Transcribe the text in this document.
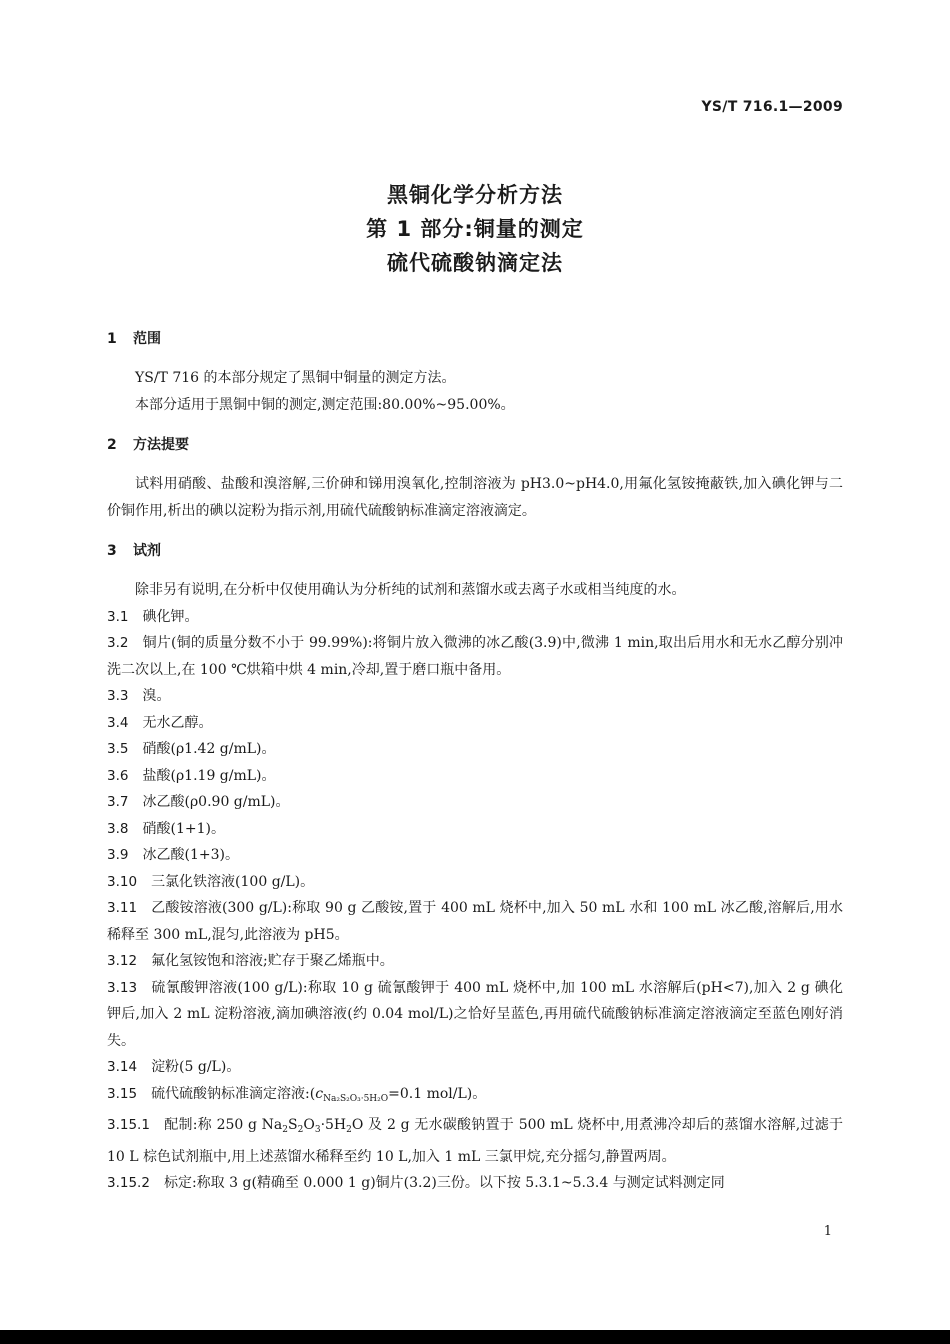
YS/T 716.1—2009
黑铜化学分析方法
第 1 部分:铜量的测定
硫代硫酸钠滴定法
1 范围
YS/T 716 的本部分规定了黑铜中铜量的测定方法。
本部分适用于黑铜中铜的测定,测定范围:80.00%~95.00%。
2 方法提要
试料用硝酸、盐酸和溴溶解,三价砷和锑用溴氧化,控制溶液为 pH3.0~pH4.0,用氟化氢铵掩蔽铁,加入碘化钾与二价铜作用,析出的碘以淀粉为指示剂,用硫代硫酸钠标准滴定溶液滴定。
3 试剂
除非另有说明,在分析中仅使用确认为分析纯的试剂和蒸馏水或去离子水或相当纯度的水。
3.1 碘化钾。
3.2 铜片(铜的质量分数不小于 99.99%):将铜片放入微沸的冰乙酸(3.9)中,微沸 1 min,取出后用水和无水乙醇分别冲洗二次以上,在 100 ℃烘箱中烘 4 min,冷却,置于磨口瓶中备用。
3.3 溴。
3.4 无水乙醇。
3.5 硝酸(ρ1.42 g/mL)。
3.6 盐酸(ρ1.19 g/mL)。
3.7 冰乙酸(ρ0.90 g/mL)。
3.8 硝酸(1+1)。
3.9 冰乙酸(1+3)。
3.10 三氯化铁溶液(100 g/L)。
3.11 乙酸铵溶液(300 g/L):称取 90 g 乙酸铵,置于 400 mL 烧杯中,加入 50 mL 水和 100 mL 冰乙酸,溶解后,用水稀释至 300 mL,混匀,此溶液为 pH5。
3.12 氟化氢铵饱和溶液;贮存于聚乙烯瓶中。
3.13 硫氰酸钾溶液(100 g/L):称取 10 g 硫氰酸钾于 400 mL 烧杯中,加 100 mL 水溶解后(pH<7),加入 2 g 碘化钾后,加入 2 mL 淀粉溶液,滴加碘溶液(约 0.04 mol/L)之恰好呈蓝色,再用硫代硫酸钠标准滴定溶液滴定至蓝色刚好消失。
3.14 淀粉(5 g/L)。
3.15 硫代硫酸钠标准滴定溶液$:(c_{Na_2S_2O_3\cdot 5H_2O}=0.1$ mol/L)。
3.15.1 配制:称 250 g $Na_2S_2O_3\cdot 5H_2O$ 及 2 g 无水碳酸钠置于 500 mL 烧杯中,用煮沸冷却后的蒸馏水溶解,过滤于 10 L 棕色试剂瓶中,用上述蒸馏水稀释至约 10 L,加入 1 mL 三氯甲烷,充分摇匀,静置两周。
3.15.2 标定:称取 3 g(精确至 0.000 1 g)铜片(3.2)三份。以下按 5.3.1~5.3.4 与测定试料测定同
1
